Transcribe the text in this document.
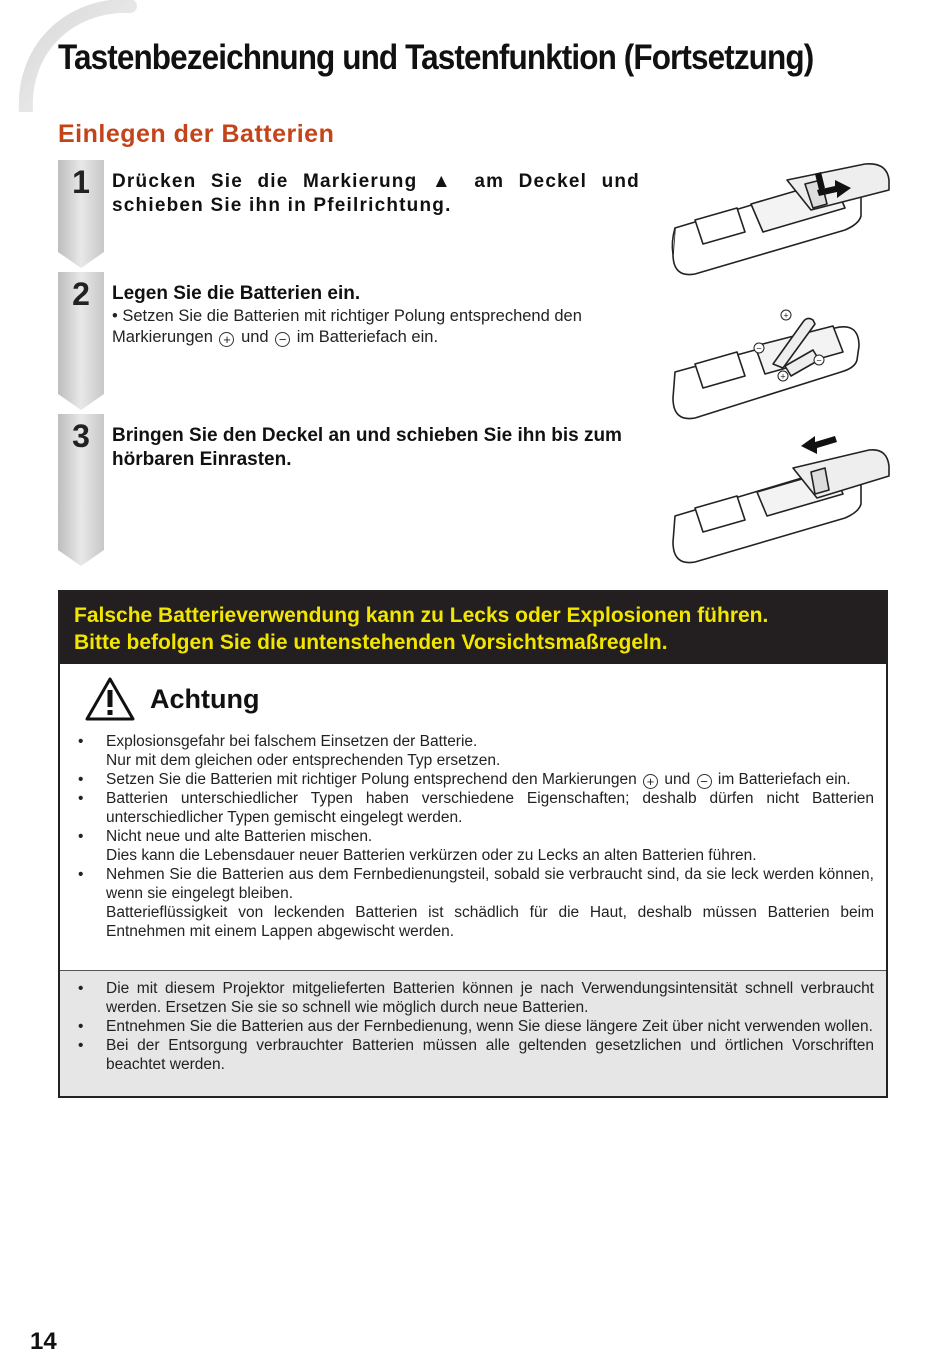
Tastenbezeichnung und Tastenfunktion (Fortsetzung)
Einlegen der Batterien
1	Drücken Sie die Markierung ▲ am Deckel und schieben Sie ihn in Pfeilrichtung.
2	Legen Sie die Batterien ein.
• Setzen Sie die Batterien mit richtiger Polung entsprechend den Markierungen + und − im Batteriefach ein.
3	Bringen Sie den Deckel an und schieben Sie ihn bis zum hörbaren Einrasten.
+
−
+
−
Falsche Batterieverwendung kann zu Lecks oder Explosionen führen.
Bitte befolgen Sie die untenstehenden Vorsichtsmaßregeln.
Achtung
• Explosionsgefahr bei falschem Einsetzen der Batterie.
Nur mit dem gleichen oder entsprechenden Typ ersetzen.
• Setzen Sie die Batterien mit richtiger Polung entsprechend den Markierungen + und − im Batteriefach ein.
• Batterien unterschiedlicher Typen haben verschiedene Eigenschaften; deshalb dürfen nicht Batterien unterschiedlicher Typen gemischt eingelegt werden.
• Nicht neue und alte Batterien mischen.
Dies kann die Lebensdauer neuer Batterien verkürzen oder zu Lecks an alten Batterien führen.
• Nehmen Sie die Batterien aus dem Fernbedienungsteil, sobald sie verbraucht sind, da sie leck werden können, wenn sie eingelegt bleiben.
Batterieflüssigkeit von leckenden Batterien ist schädlich für die Haut, deshalb müssen Batterien beim Entnehmen mit einem Lappen abgewischt werden.
• Die mit diesem Projektor mitgelieferten Batterien können je nach Verwendungsintensität schnell verbraucht werden. Ersetzen Sie sie so schnell wie möglich durch neue Batterien.
• Entnehmen Sie die Batterien aus der Fernbedienung, wenn Sie diese längere Zeit über nicht verwenden wollen.
• Bei der Entsorgung verbrauchter Batterien müssen alle geltenden gesetzlichen und örtlichen Vorschriften beachtet werden.
14
